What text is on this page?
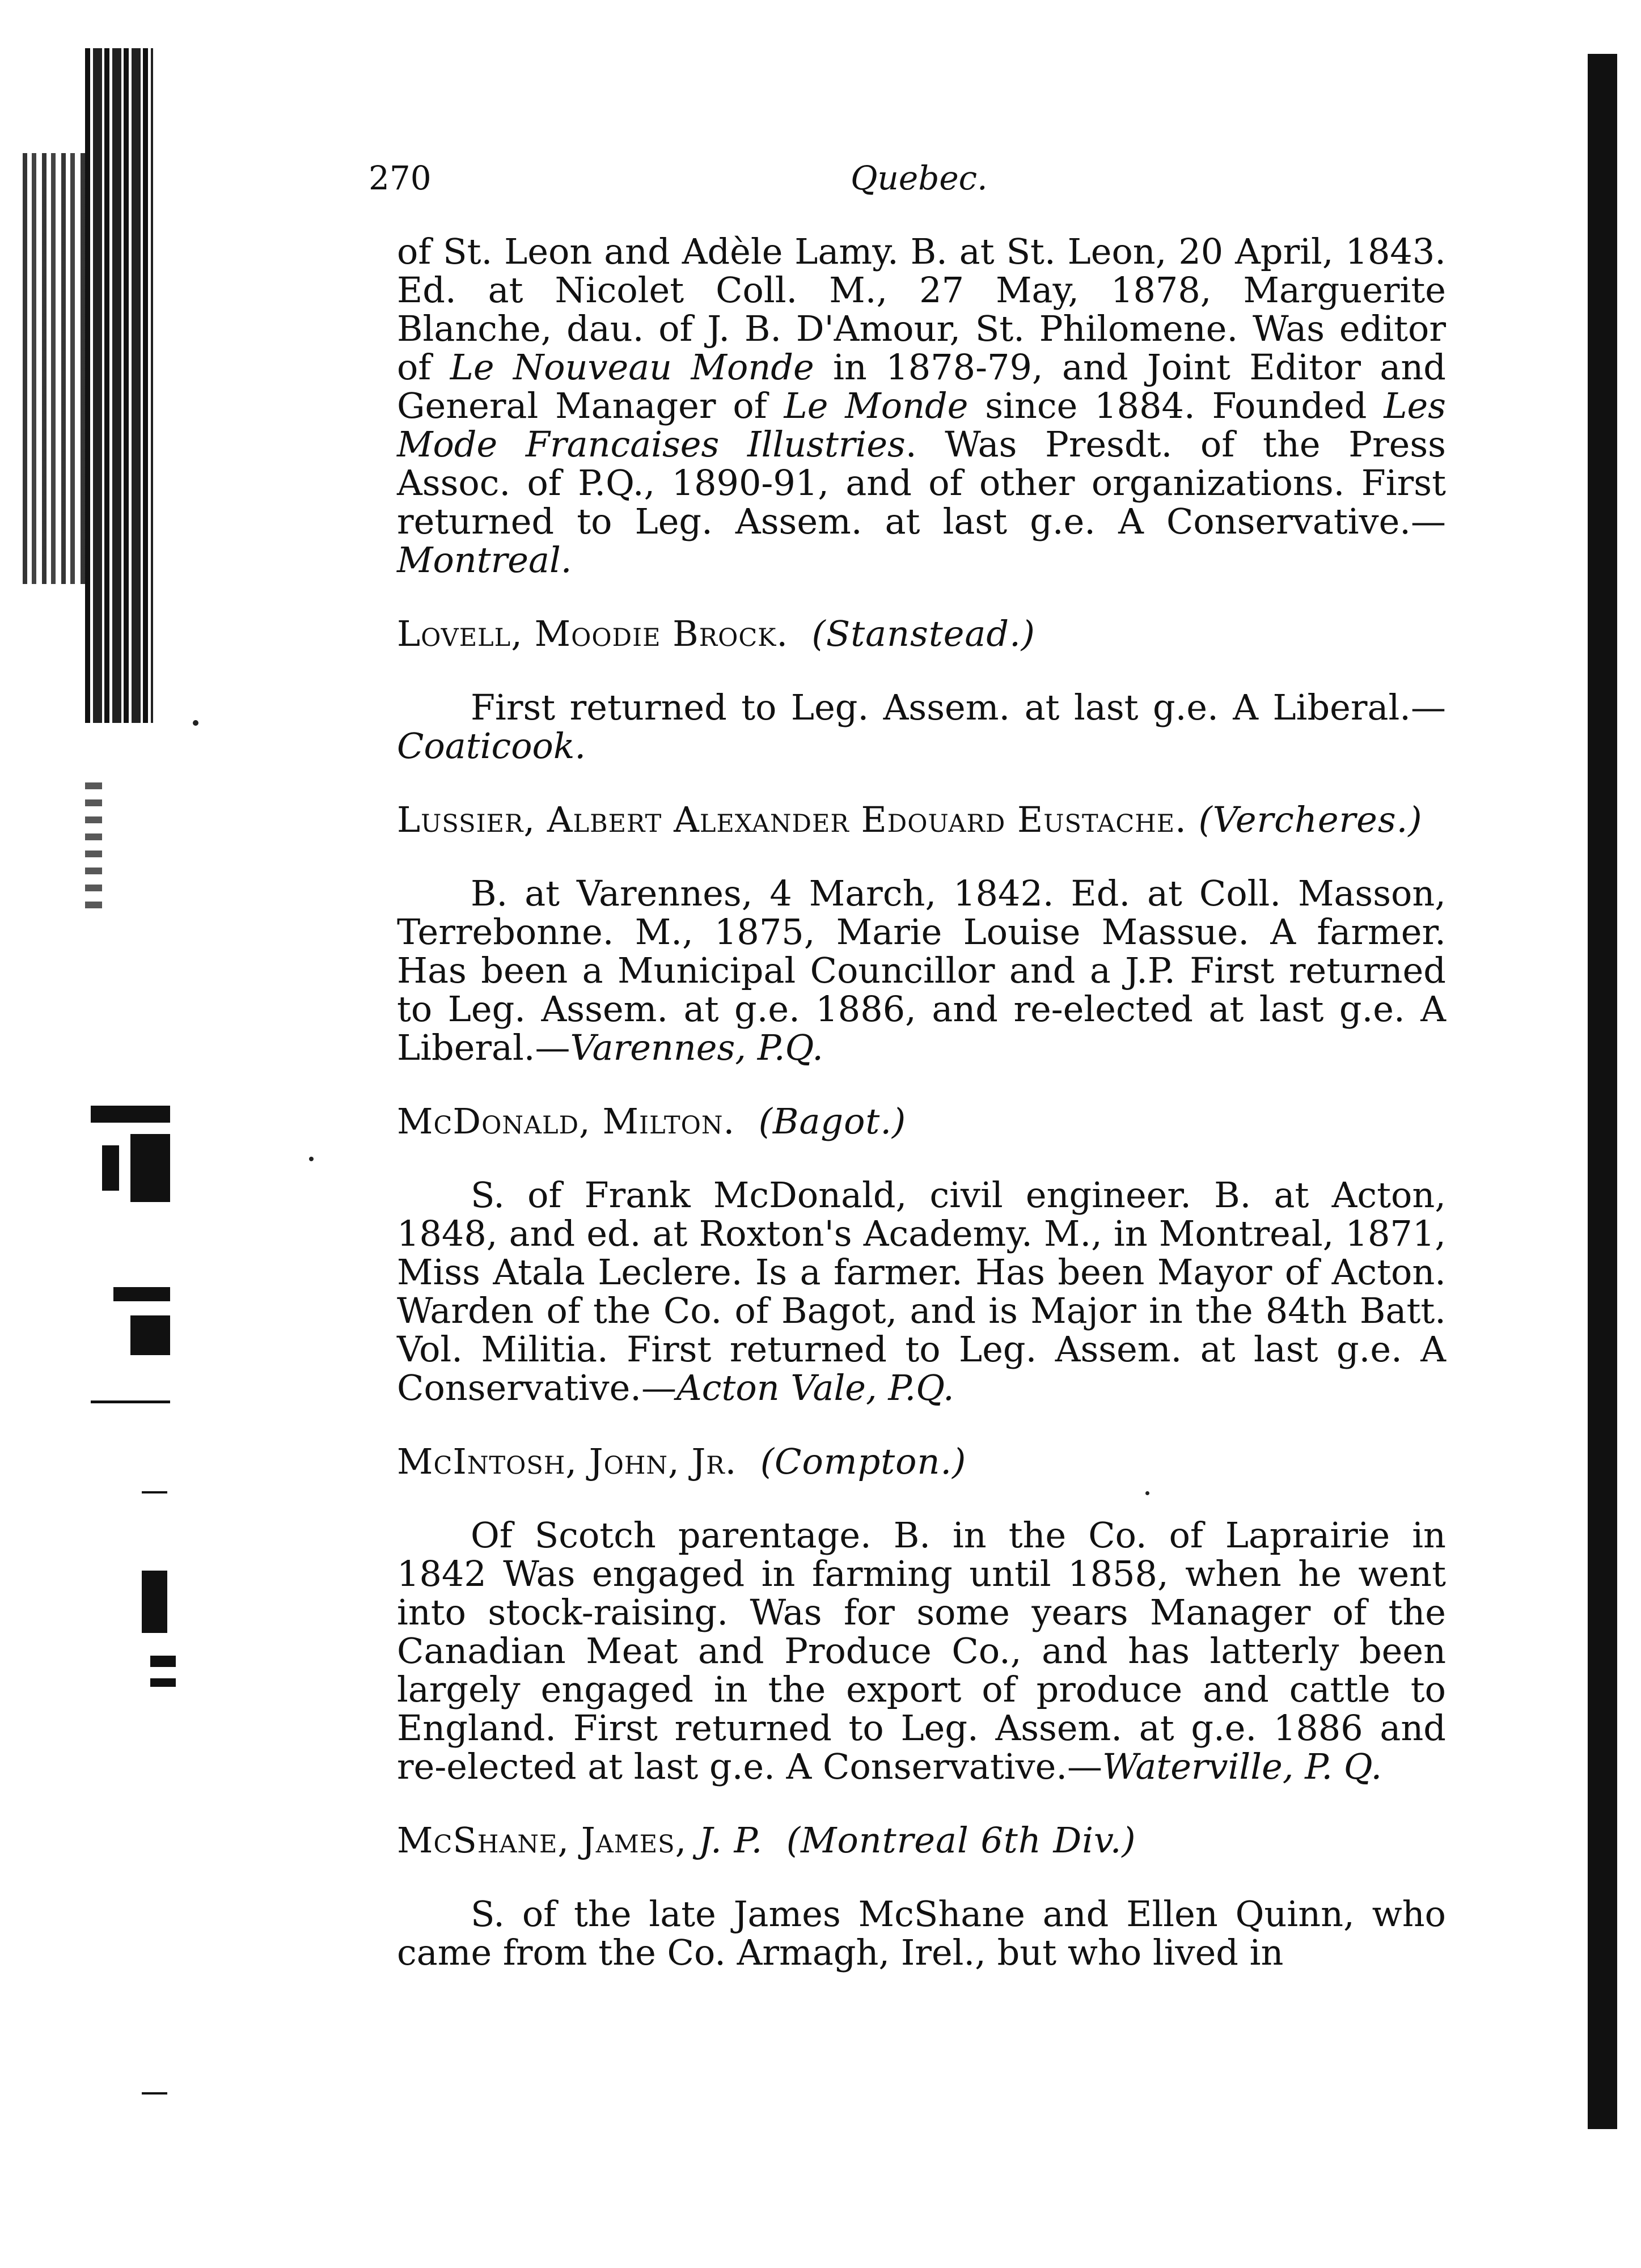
270	Quebec.

of St. Leon and Adèle Lamy. B. at St. Leon, 20 April, 1843. Ed. at Nicolet Coll. M., 27 May, 1878, Marguerite Blanche, dau. of J. B. D'Amour, St. Philomene. Was editor of Le Nouveau Monde in 1878-79, and Joint Editor and General Manager of Le Monde since 1884. Founded Les Mode Francaises Illustries. Was Presdt. of the Press Assoc. of P.Q., 1890-91, and of other organizations. First returned to Leg. Assem. at last g.e. A Conservative.—Montreal.

Lovell, Moodie Brock. (Stanstead.)

First returned to Leg. Assem. at last g.e. A Liberal.—Coaticook.

Lussier, Albert Alexander Edouard Eustache. (Vercheres.)

B. at Varennes, 4 March, 1842. Ed. at Coll. Masson, Terrebonne. M., 1875, Marie Louise Massue. A farmer. Has been a Municipal Councillor and a J.P. First returned to Leg. Assem. at g.e. 1886, and re-elected at last g.e. A Liberal.—Varennes, P.Q.

McDonald, Milton. (Bagot.)

S. of Frank McDonald, civil engineer. B. at Acton, 1848, and ed. at Roxton's Academy. M., in Montreal, 1871, Miss Atala Leclere. Is a farmer. Has been Mayor of Acton. Warden of the Co. of Bagot, and is Major in the 84th Batt. Vol. Militia. First returned to Leg. Assem. at last g.e. A Conservative.—Acton Vale, P.Q.

McIntosh, John, Jr. (Compton.)

Of Scotch parentage. B. in the Co. of Laprairie in 1842 Was engaged in farming until 1858, when he went into stock-raising. Was for some years Manager of the Canadian Meat and Produce Co., and has latterly been largely engaged in the export of produce and cattle to England. First returned to Leg. Assem. at g.e. 1886 and re-elected at last g.e. A Conservative.—Waterville, P. Q.

McShane, James, J. P. (Montreal 6th Div.)

S. of the late James McShane and Ellen Quinn, who came from the Co. Armagh, Irel., but who lived in
